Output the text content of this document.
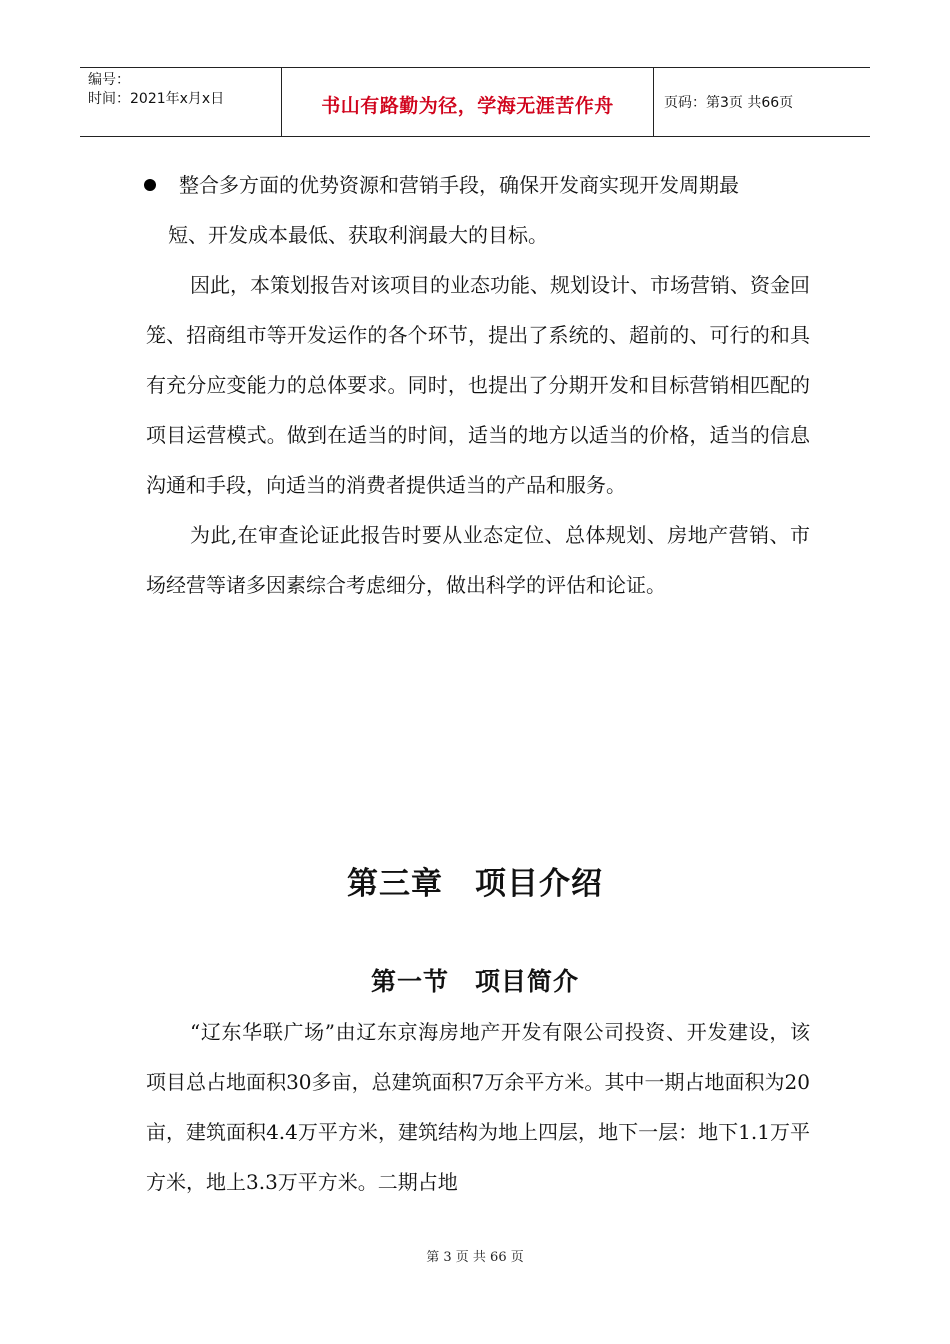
编号：
时间：2021年x月x日	书山有路勤为径，学海无涯苦作舟	页码：第3页 共66页
整合多方面的优势资源和营销手段，确保开发商实现开发周期最

短、开发成本最低、获取利润最大的目标。

因此，本策划报告对该项目的业态功能、规划设计、市场营销、资金回笼、招商组市等开发运作的各个环节，提出了系统的、超前的、可行的和具有充分应变能力的总体要求。同时，也提出了分期开发和目标营销相匹配的项目运营模式。做到在适当的时间，适当的地方以适当的价格，适当的信息沟通和手段，向适当的消费者提供适当的产品和服务。

为此,在审查论证此报告时要从业态定位、总体规划、房地产营销、市场经营等诸多因素综合考虑细分，做出科学的评估和论证。

第三章　项目介绍
第一节　项目简介

“辽东华联广场”由辽东京海房地产开发有限公司投资、开发建设，该项目总占地面积30多亩，总建筑面积7万余平方米。其中一期占地面积为20亩，建筑面积4.4万平方米，建筑结构为地上四层，地下一层：地下1.1万平方米，地上3.3万平方米。二期占地

第 3 页 共 66 页
